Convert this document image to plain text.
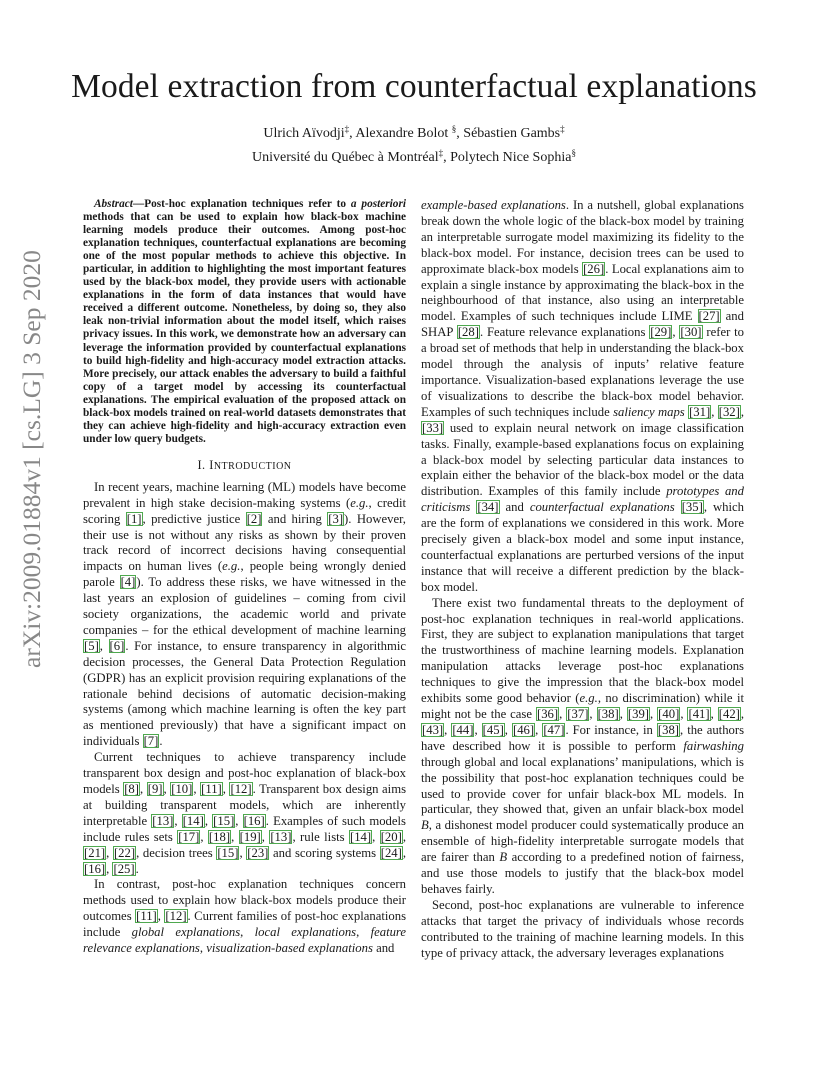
arXiv:2009.01884v1 [cs.LG] 3 Sep 2020
Model extraction from counterfactual explanations
Ulrich Aïvodji‡, Alexandre Bolot §, Sébastien Gambs‡
Université du Québec à Montréal‡, Polytech Nice Sophia§

Abstract—Post-hoc explanation techniques refer to a posteriori methods that can be used to explain how black-box machine learning models produce their outcomes. Among post-hoc explanation techniques, counterfactual explanations are becoming one of the most popular methods to achieve this objective. In particular, in addition to highlighting the most important features used by the black-box model, they provide users with actionable explanations in the form of data instances that would have received a different outcome. Nonetheless, by doing so, they also leak non-trivial information about the model itself, which raises privacy issues. In this work, we demonstrate how an adversary can leverage the information provided by counterfactual explanations to build high-fidelity and high-accuracy model extraction attacks. More precisely, our attack enables the adversary to build a faithful copy of a target model by accessing its counterfactual explanations. The empirical evaluation of the proposed attack on black-box models trained on real-world datasets demonstrates that they can achieve high-fidelity and high-accuracy extraction even under low query budgets.

I. INTRODUCTION

In recent years, machine learning (ML) models have become prevalent in high stake decision-making systems (e.g., credit scoring [1], predictive justice [2] and hiring [3]). However, their use is not without any risks as shown by their proven track record of incorrect decisions having consequential impacts on human lives (e.g., people being wrongly denied parole [4]). To address these risks, we have witnessed in the last years an explosion of guidelines – coming from civil society organizations, the academic world and private companies – for the ethical development of machine learning [5], [6]. For instance, to ensure transparency in algorithmic decision processes, the General Data Protection Regulation (GDPR) has an explicit provision requiring explanations of the rationale behind decisions of automatic decision-making systems (among which machine learning is often the key part as mentioned previously) that have a significant impact on individuals [7].

Current techniques to achieve transparency include transparent box design and post-hoc explanation of black-box models [8], [9], [10], [11], [12]. Transparent box design aims at building transparent models, which are inherently interpretable [13], [14], [15], [16]. Examples of such models include rules sets [17], [18], [19], [13], rule lists [14], [20], [21], [22], decision trees [15], [23] and scoring systems [24], [16], [25].

In contrast, post-hoc explanation techniques concern methods used to explain how black-box models produce their outcomes [11], [12]. Current families of post-hoc explanations include global explanations, local explanations, feature relevance explanations, visualization-based explanations and

example-based explanations. In a nutshell, global explanations break down the whole logic of the black-box model by training an interpretable surrogate model maximizing its fidelity to the black-box model. For instance, decision trees can be used to approximate black-box models [26]. Local explanations aim to explain a single instance by approximating the black-box in the neighbourhood of that instance, also using an interpretable model. Examples of such techniques include LIME [27] and SHAP [28]. Feature relevance explanations [29], [30] refer to a broad set of methods that help in understanding the black-box model through the analysis of inputs’ relative feature importance. Visualization-based explanations leverage the use of visualizations to describe the black-box model behavior. Examples of such techniques include saliency maps [31], [32], [33] used to explain neural network on image classification tasks. Finally, example-based explanations focus on explaining a black-box model by selecting particular data instances to explain either the behavior of the black-box model or the data distribution. Examples of this family include prototypes and criticisms [34] and counterfactual explanations [35], which are the form of explanations we considered in this work. More precisely given a black-box model and some input instance, counterfactual explanations are perturbed versions of the input instance that will receive a different prediction by the black-box model.

There exist two fundamental threats to the deployment of post-hoc explanation techniques in real-world applications. First, they are subject to explanation manipulations that target the trustworthiness of machine learning models. Explanation manipulation attacks leverage post-hoc explanations techniques to give the impression that the black-box model exhibits some good behavior (e.g., no discrimination) while it might not be the case [36], [37], [38], [39], [40], [41], [42], [43], [44], [45], [46], [47]. For instance, in [38], the authors have described how it is possible to perform fairwashing through global and local explanations’ manipulations, which is the possibility that post-hoc explanation techniques could be used to provide cover for unfair black-box ML models. In particular, they showed that, given an unfair black-box model B, a dishonest model producer could systematically produce an ensemble of high-fidelity interpretable surrogate models that are fairer than B according to a predefined notion of fairness, and use those models to justify that the black-box model behaves fairly.

Second, post-hoc explanations are vulnerable to inference attacks that target the privacy of individuals whose records contributed to the training of machine learning models. In this type of privacy attack, the adversary leverages explanations
